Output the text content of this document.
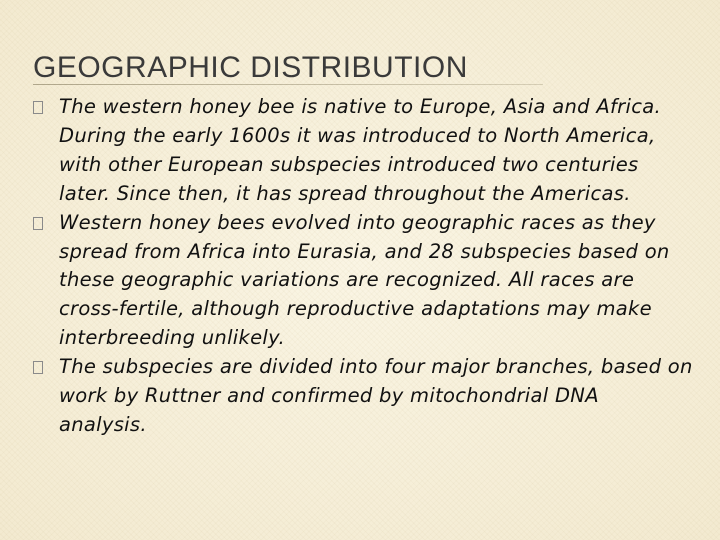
GEOGRAPHIC DISTRIBUTION
The western honey bee is native to Europe, Asia and Africa. During the early 1600s it was introduced to North America, with other European subspecies introduced two centuries later. Since then, it has spread throughout the Americas.
Western honey bees evolved into geographic races as they spread from Africa into Eurasia, and 28 subspecies based on these geographic variations are recognized. All races are cross-fertile, although reproductive adaptations may make interbreeding unlikely.
The subspecies are divided into four major branches, based on work by Ruttner and confirmed by mitochondrial DNA analysis.
